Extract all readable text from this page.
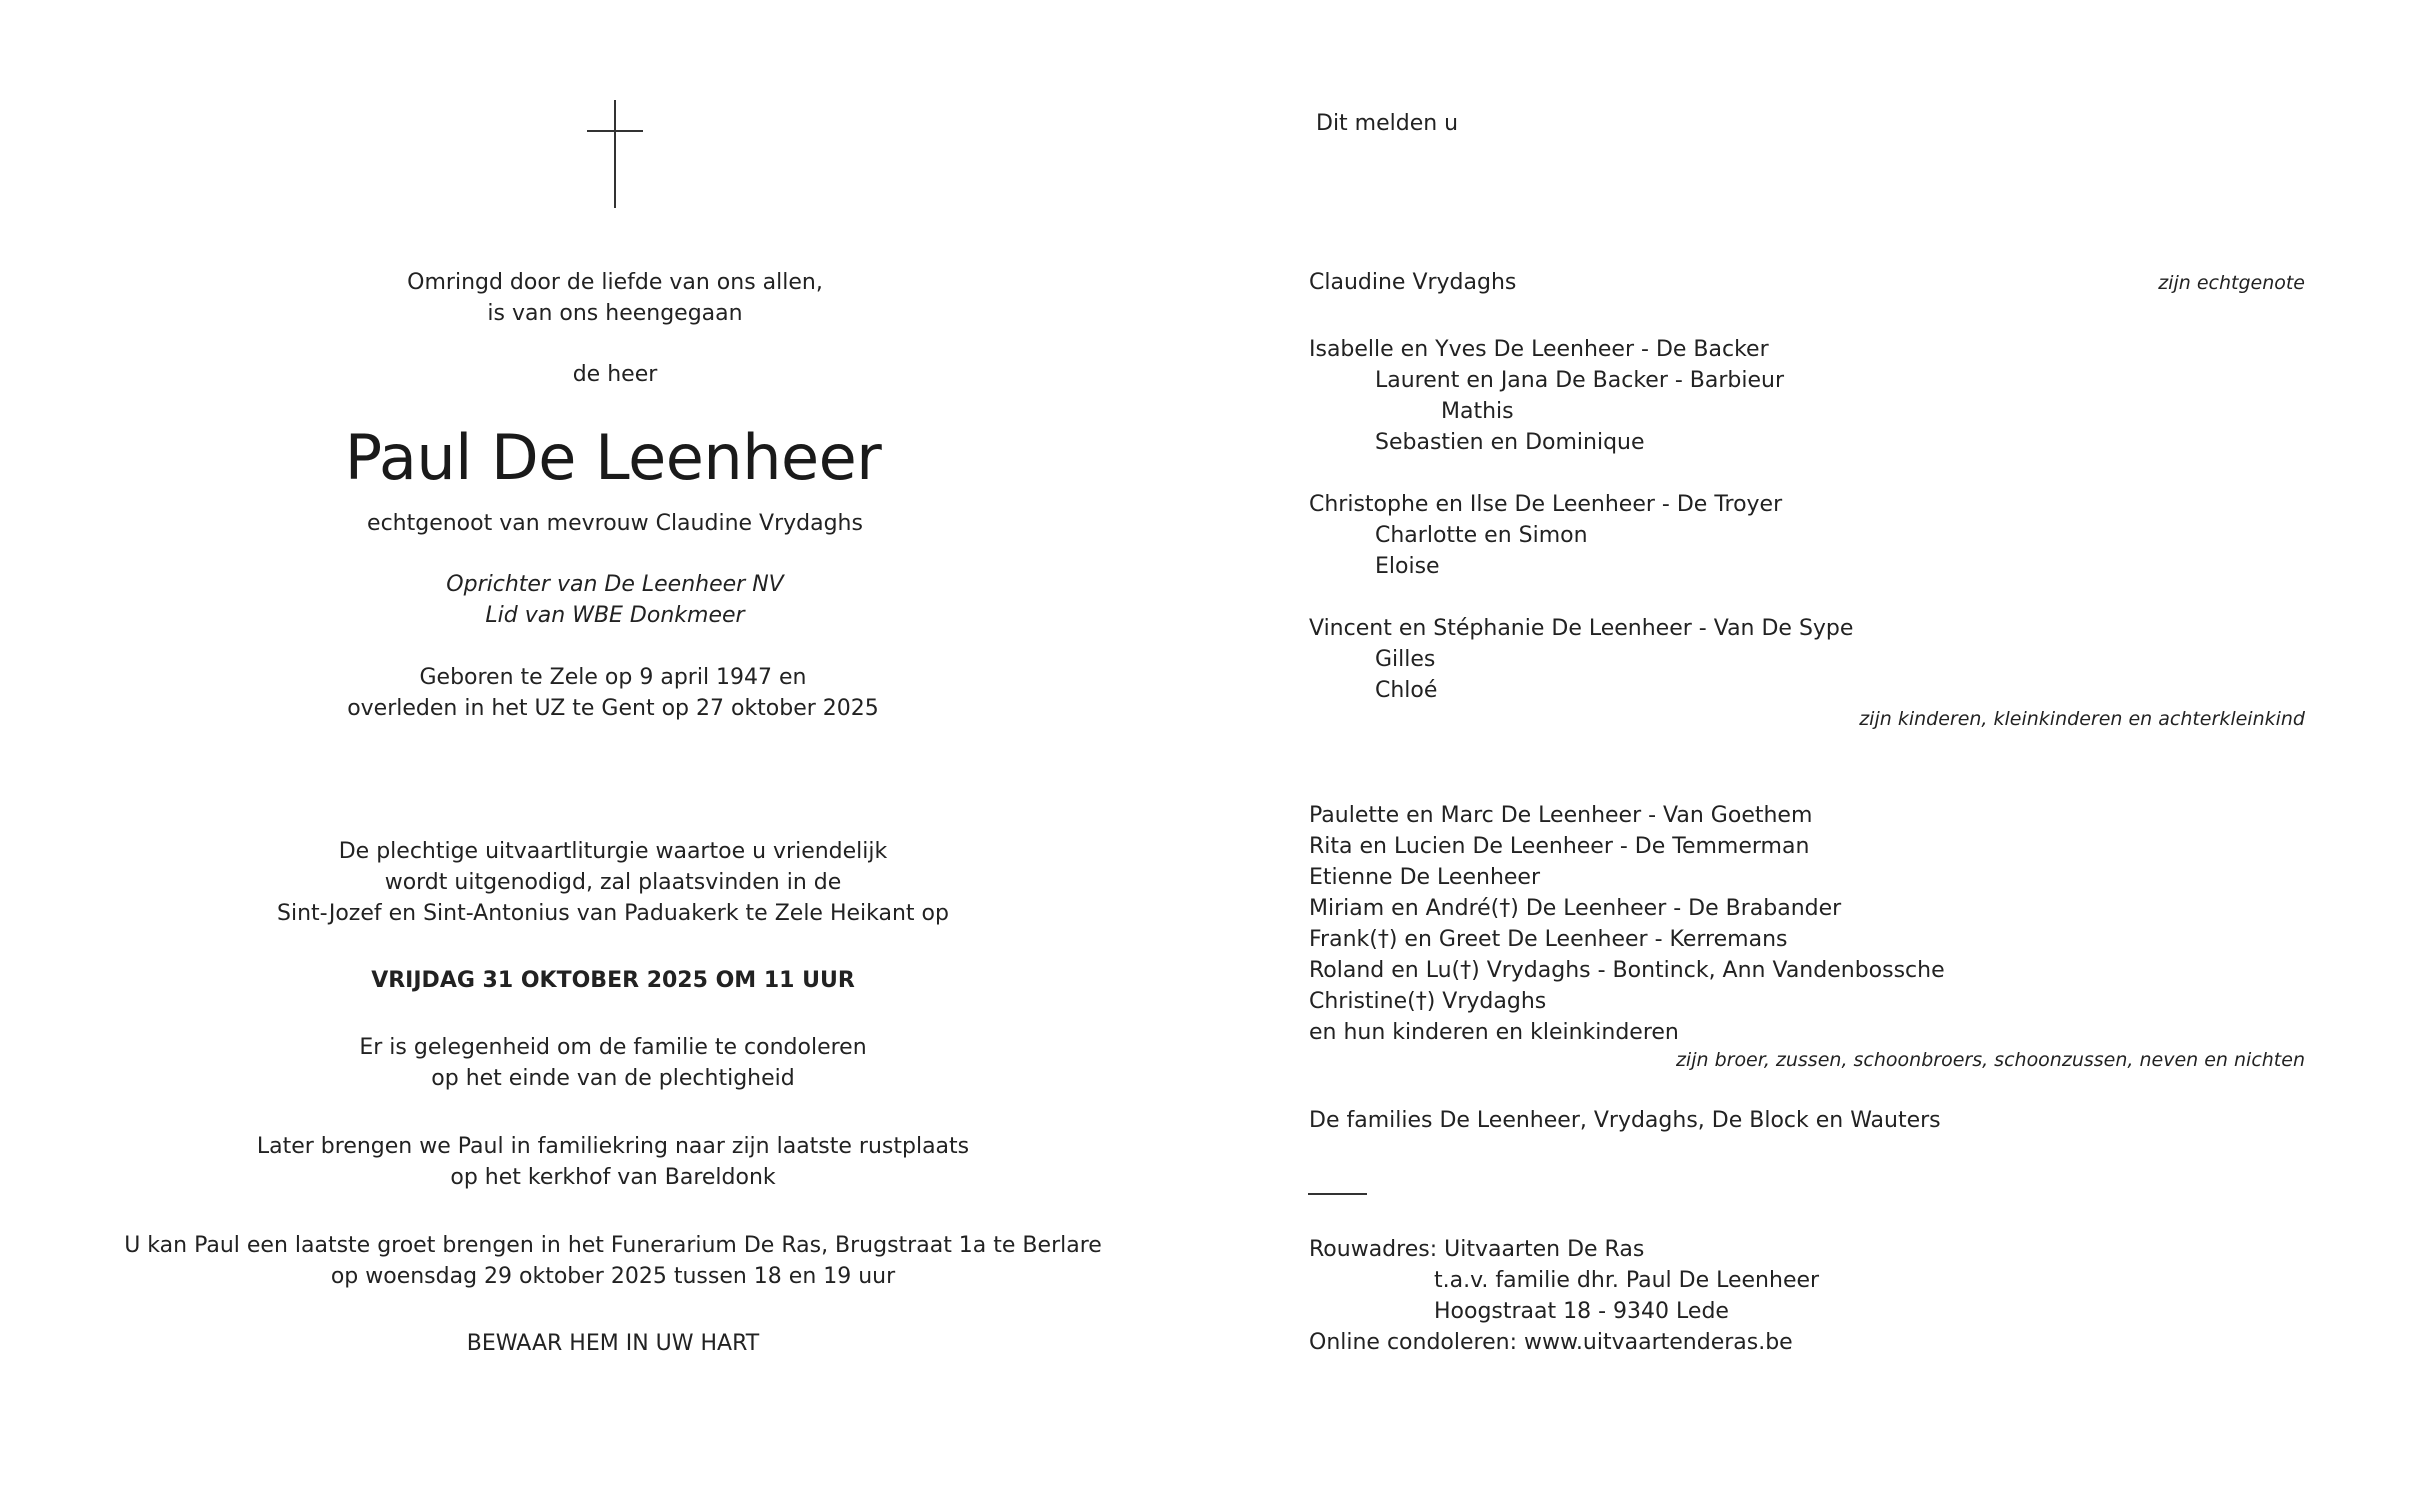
Omringd door de liefde van ons allen,
is van ons heengegaan
de heer
Paul De Leenheer
echtgenoot van mevrouw Claudine Vrydaghs
Oprichter van De Leenheer NV
Lid van WBE Donkmeer
Geboren te Zele op 9 april 1947 en
overleden in het UZ te Gent op 27 oktober 2025
De plechtige uitvaartliturgie waartoe u vriendelijk
wordt uitgenodigd, zal plaatsvinden in de
Sint-Jozef en Sint-Antonius van Paduakerk te Zele Heikant op
VRIJDAG 31 OKTOBER 2025 OM 11 UUR
Er is gelegenheid om de familie te condoleren
op het einde van de plechtigheid
Later brengen we Paul in familiekring naar zijn laatste rustplaats
op het kerkhof van Bareldonk
U kan Paul een laatste groet brengen in het Funerarium De Ras, Brugstraat 1a te Berlare
op woensdag 29 oktober 2025 tussen 18 en 19 uur
BEWAAR HEM IN UW HART
Dit melden u
Claudine Vrydaghs	zijn echtgenote
Isabelle en Yves De Leenheer - De Backer
Laurent en Jana De Backer - Barbieur
Mathis
Sebastien en Dominique
Christophe en Ilse De Leenheer - De Troyer
Charlotte en Simon
Eloise
Vincent en Stéphanie De Leenheer - Van De Sype
Gilles
Chloé
zijn kinderen, kleinkinderen en achterkleinkind
Paulette en Marc De Leenheer - Van Goethem
Rita en Lucien De Leenheer - De Temmerman
Etienne De Leenheer
Miriam en André(†) De Leenheer - De Brabander
Frank(†) en Greet De Leenheer - Kerremans
Roland en Lu(†) Vrydaghs - Bontinck, Ann Vandenbossche
Christine(†) Vrydaghs
en hun kinderen en kleinkinderen
zijn broer, zussen, schoonbroers, schoonzussen, neven en nichten
De families De Leenheer, Vrydaghs, De Block en Wauters
Rouwadres: Uitvaarten De Ras
t.a.v. familie dhr. Paul De Leenheer
Hoogstraat 18 - 9340 Lede
Online condoleren: www.uitvaartenderas.be
